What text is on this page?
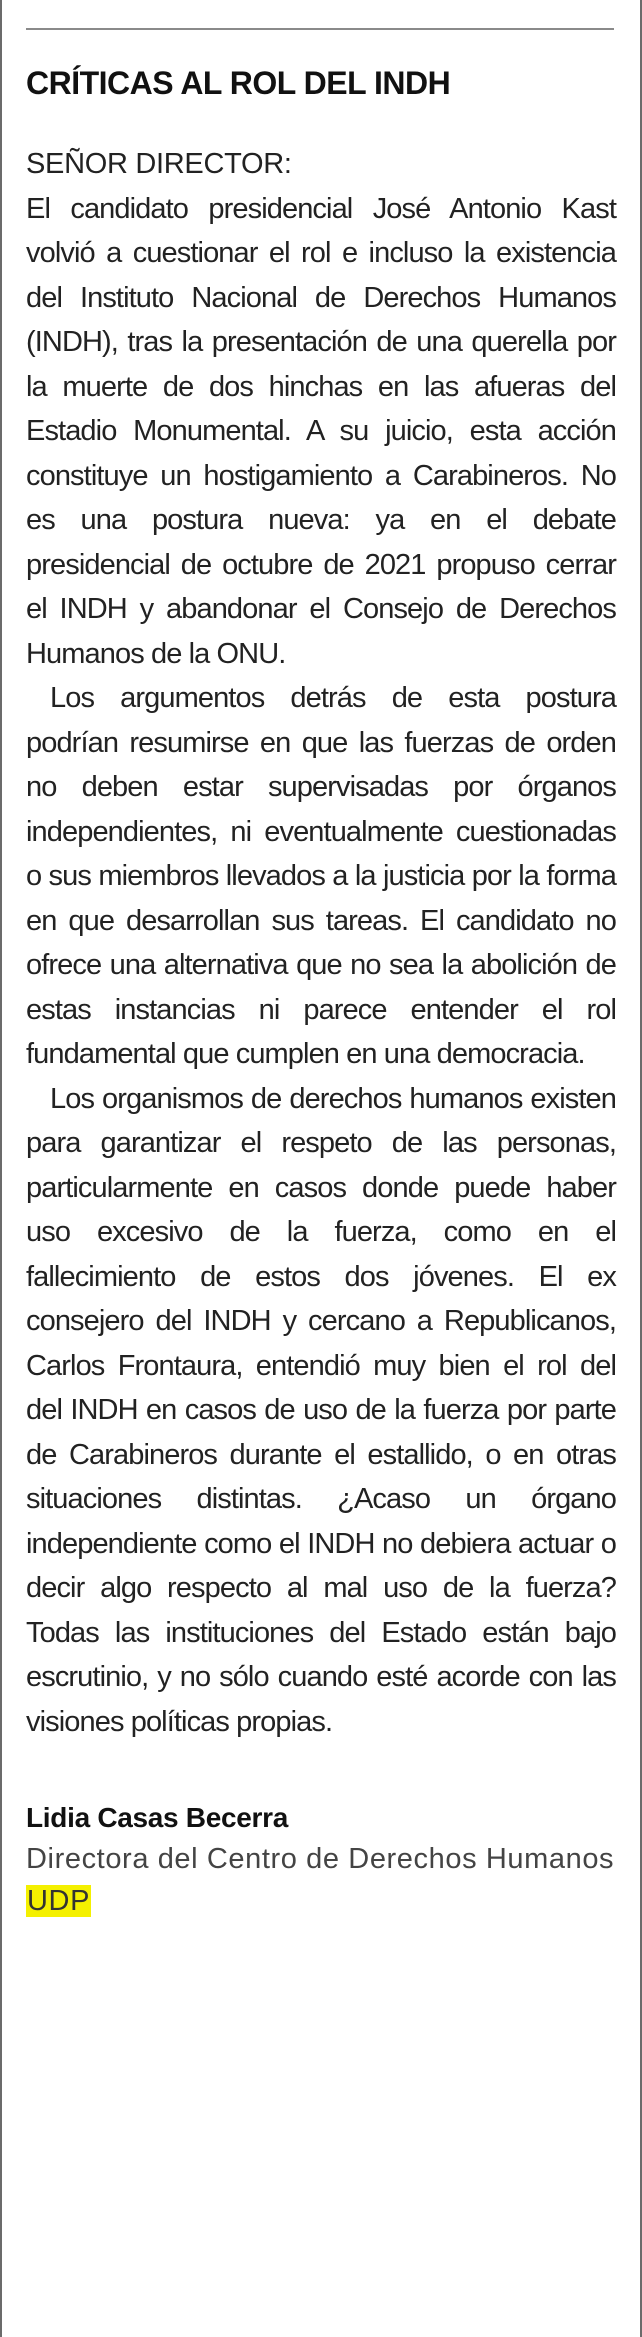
CRÍTICAS AL ROL DEL INDH

SEÑOR DIRECTOR:

El candidato presidencial José Antonio Kast volvió a cuestionar el rol e incluso la existencia del Instituto Nacional de Derechos Humanos (INDH), tras la presentación de una querella por la muerte de dos hinchas en las afueras del Estadio Monumental. A su juicio, esta acción constituye un hostigamiento a Carabineros. No es una postura nueva: ya en el debate presidencial de octubre de 2021 propuso cerrar el INDH y abandonar el Consejo de Derechos Humanos de la ONU.

Los argumentos detrás de esta postura podrían resumirse en que las fuerzas de orden no deben estar supervisadas por órganos independientes, ni eventualmente cuestionadas o sus miembros llevados a la justicia por la forma en que desarrollan sus tareas. El candidato no ofrece una alternativa que no sea la abolición de estas instancias ni parece entender el rol fundamental que cumplen en una democracia.

Los organismos de derechos humanos existen para garantizar el respeto de las personas, particularmente en casos donde puede haber uso excesivo de la fuerza, como en el fallecimiento de estos dos jóvenes. El ex consejero del INDH y cercano a Republicanos, Carlos Frontaura, entendió muy bien el rol del del INDH en casos de uso de la fuerza por parte de Carabineros durante el estallido, o en otras situaciones distintas. ¿Acaso un órgano independiente como el INDH no debiera actuar o decir algo respecto al mal uso de la fuerza? Todas las instituciones del Estado están bajo escrutinio, y no sólo cuando esté acorde con las visiones políticas propias.

Lidia Casas Becerra

Directora del Centro de Derechos Humanos UDP
